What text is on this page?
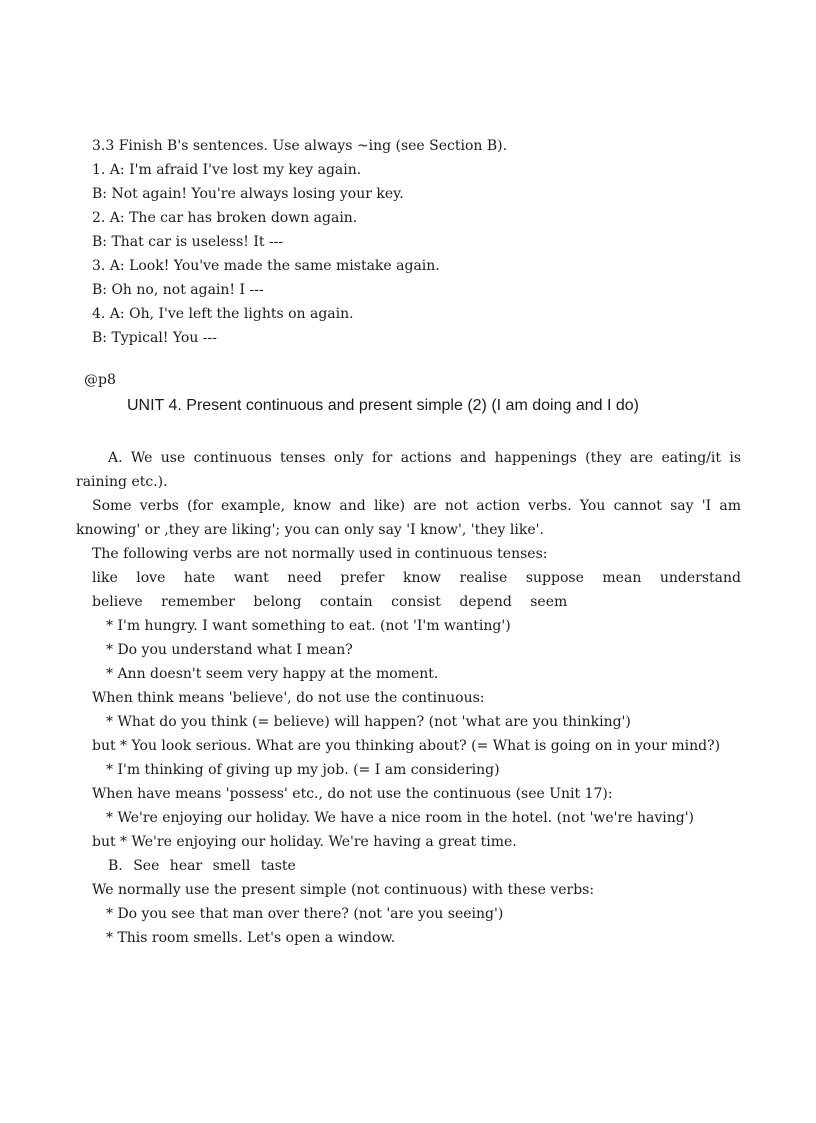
3.3 Finish B's sentences. Use always ~ing (see Section B).
1. A: I'm afraid I've lost my key again.
B: Not again! You're always losing your key.
2. A: The car has broken down again.
B: That car is useless! It ---
3. A: Look! You've made the same mistake again.
B: Oh no, not again! I ---
4. A: Oh, I've left the lights on again.
B: Typical! You ---
@p8
UNIT 4. Present continuous and present simple (2) (I am doing and I do)

A. We use continuous tenses only for actions and happenings (they are eating/it is raining etc.).

Some verbs (for example, know and like) are not action verbs. You cannot say 'I am knowing' or ,they are liking'; you can only say 'I know', 'they like'.

The following verbs are not normally used in continuous tenses:

like love hate want need prefer know realise suppose mean understand believe remember belong contain consist depend seem

* I'm hungry. I want something to eat. (not 'I'm wanting')

* Do you understand what I mean?

* Ann doesn't seem very happy at the moment.

When think means 'believe', do not use the continuous:

* What do you think (= believe) will happen? (not 'what are you thinking')

but * You look serious. What are you thinking about? (= What is going on in your mind?)

* I'm thinking of giving up my job. (= I am considering)

When have means 'possess' etc., do not use the continuous (see Unit 17):

* We're enjoying our holiday. We have a nice room in the hotel. (not 'we're having')

but * We're enjoying our holiday. We're having a great time.

B. See hear smell taste

We normally use the present simple (not continuous) with these verbs:

* Do you see that man over there? (not 'are you seeing')

* This room smells. Let's open a window.
